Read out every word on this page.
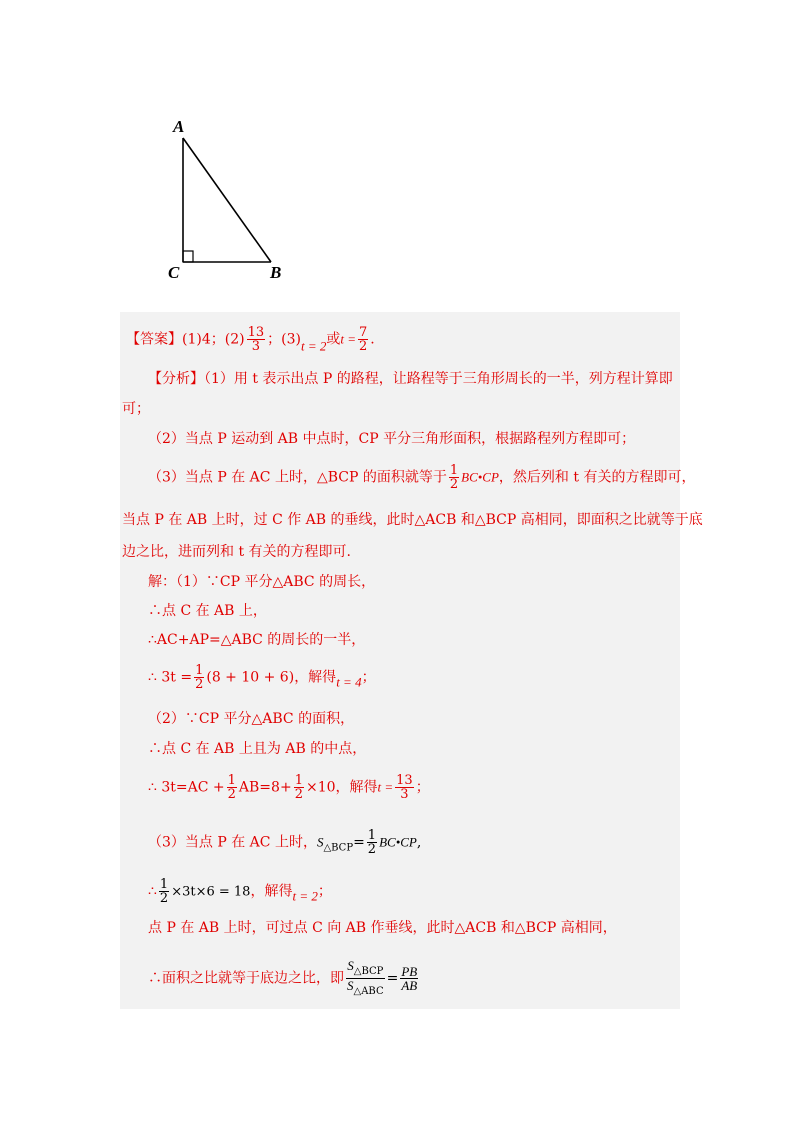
A
C	B
【答案】(1)4；$(2) \frac{13}{3}$ ；(3)t = 2或$t = \frac{7}{2}$ .
【分析】（1）用 t 表示出点 P 的路程，让路程等于三角形周长的一半，列方程计算即
可；
（2）当点 P 运动到 AB 中点时，CP 平分三角形面积，根据路程列方程即可；
（3）当点 P 在 AC 上时，△BCP 的面积就等于 $\frac{1}{2}$ BC•CP，然后列和 t 有关的方程即可，
当点 P 在 AB 上时，过 C 作 AB 的垂线，此时△ACB 和△BCP 高相同，即面积之比就等于底
边之比，进而列和 t 有关的方程即可.
解：（1）∵CP 平分△ABC 的周长，
∴点 C 在 AB 上，
∴AC+AP=△ABC 的周长的一半，
∴ $3t = \frac{1}{2} (8 + 10 + 6)$，解得t = 4；
（2）∵CP 平分△ABC 的面积，
∴点 C 在 AB 上且为 AB 的中点，
∴ $3t=AC + \frac{1}{2} AB=8+ \frac{1}{2} \times 10$，解得$t = \frac{13}{3}$ ；
（3）当点 P 在 AC 上时，$S_{\triangle BCP}= \frac{1}{2}$ BC•CP,
∴ $\frac{1}{2} \times 3t\times 6 = 18$，解得t = 2；
点 P 在 AB 上时，可过点 C 向 AB 作垂线，此时△ACB 和△BCP 高相同，
∴面积之比就等于底边之比，即 $\frac{S_{\triangle BCP}}{S_{\triangle ABC}} = \frac{PB}{AB}$
